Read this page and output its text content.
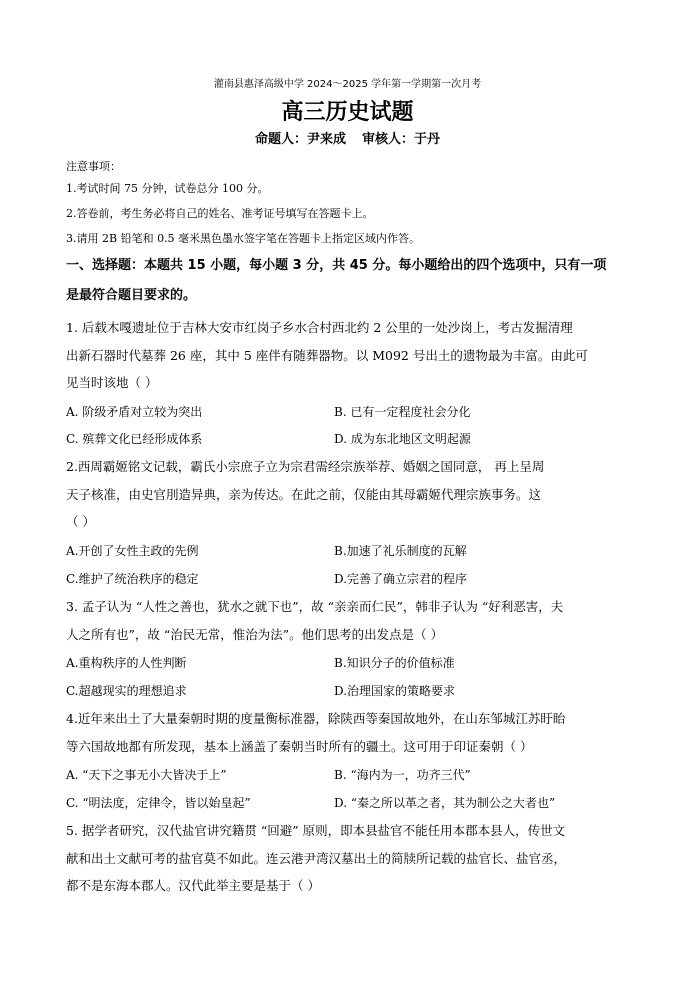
灌南县惠泽高级中学 2024～2025 学年第一学期第一次月考
高三历史试题
命题人：尹来成 审核人：于丹
注意事项：
1.考试时间 75 分钟，试卷总分 100 分。
2.答卷前，考生务必将自己的姓名、准考证号填写在答题卡上。
3.请用 2B 铅笔和 0.5 毫米黑色墨水签字笔在答题卡上指定区域内作答。
一、选择题：本题共 15 小题，每小题 3 分，共 45 分。每小题给出的四个选项中，只有一项
是最符合题目要求的。
1. 后载木嘎遗址位于吉林大安市红岗子乡水合村西北约 2 公里的一处沙岗上，考古发掘清理
出新石器时代墓葬 26 座，其中 5 座伴有随葬器物。以 M092 号出土的遗物最为丰富。由此可
见当时该地（ ）
A. 阶级矛盾对立较为突出	B. 已有一定程度社会分化
C. 殡葬文化已经形成体系	D. 成为东北地区文明起源
2.西周霸姬铭文记载，霸氏小宗庶子立为宗君需经宗族举荐、婚姻之国同意， 再上呈周
天子核准，由史官刖造异典，亲为传达。在此之前，仅能由其母霸姬代理宗族事务。这
（ ）
A.开创了女性主政的先例	B.加速了礼乐制度的瓦解
C.维护了统治秩序的稳定	D.完善了确立宗君的程序
3. 孟子认为 “人性之善也，犹水之就下也”，故 “亲亲而仁民”，韩非子认为 “好利恶害，夫
人之所有也”，故 “治民无常，惟治为法”。他们思考的出发点是（ ）
A.重构秩序的人性判断	B.知识分子的价值标准
C.超越现实的理想追求	D.治理国家的策略要求
4.近年来出土了大量秦朝时期的度量衡标准器，除陕西等秦国故地外，在山东邹城江苏盱眙
等六国故地都有所发现，基本上涵盖了秦朝当时所有的疆土。这可用于印证秦朝（ ）
A. “天下之事无小大皆决于上”	B. “海内为一，功齐三代”
C. “明法度，定律令，皆以始皇起”	D. “秦之所以革之者，其为制公之大者也”
5. 据学者研究，汉代盐官讲究籍贯 “回避” 原则，即本县盐官不能任用本郡本县人，传世文
献和出土文献可考的盐官莫不如此。连云港尹湾汉墓出土的简牍所记载的盐官长、盐官丞，
都不是东海本郡人。汉代此举主要是基于（ ）
